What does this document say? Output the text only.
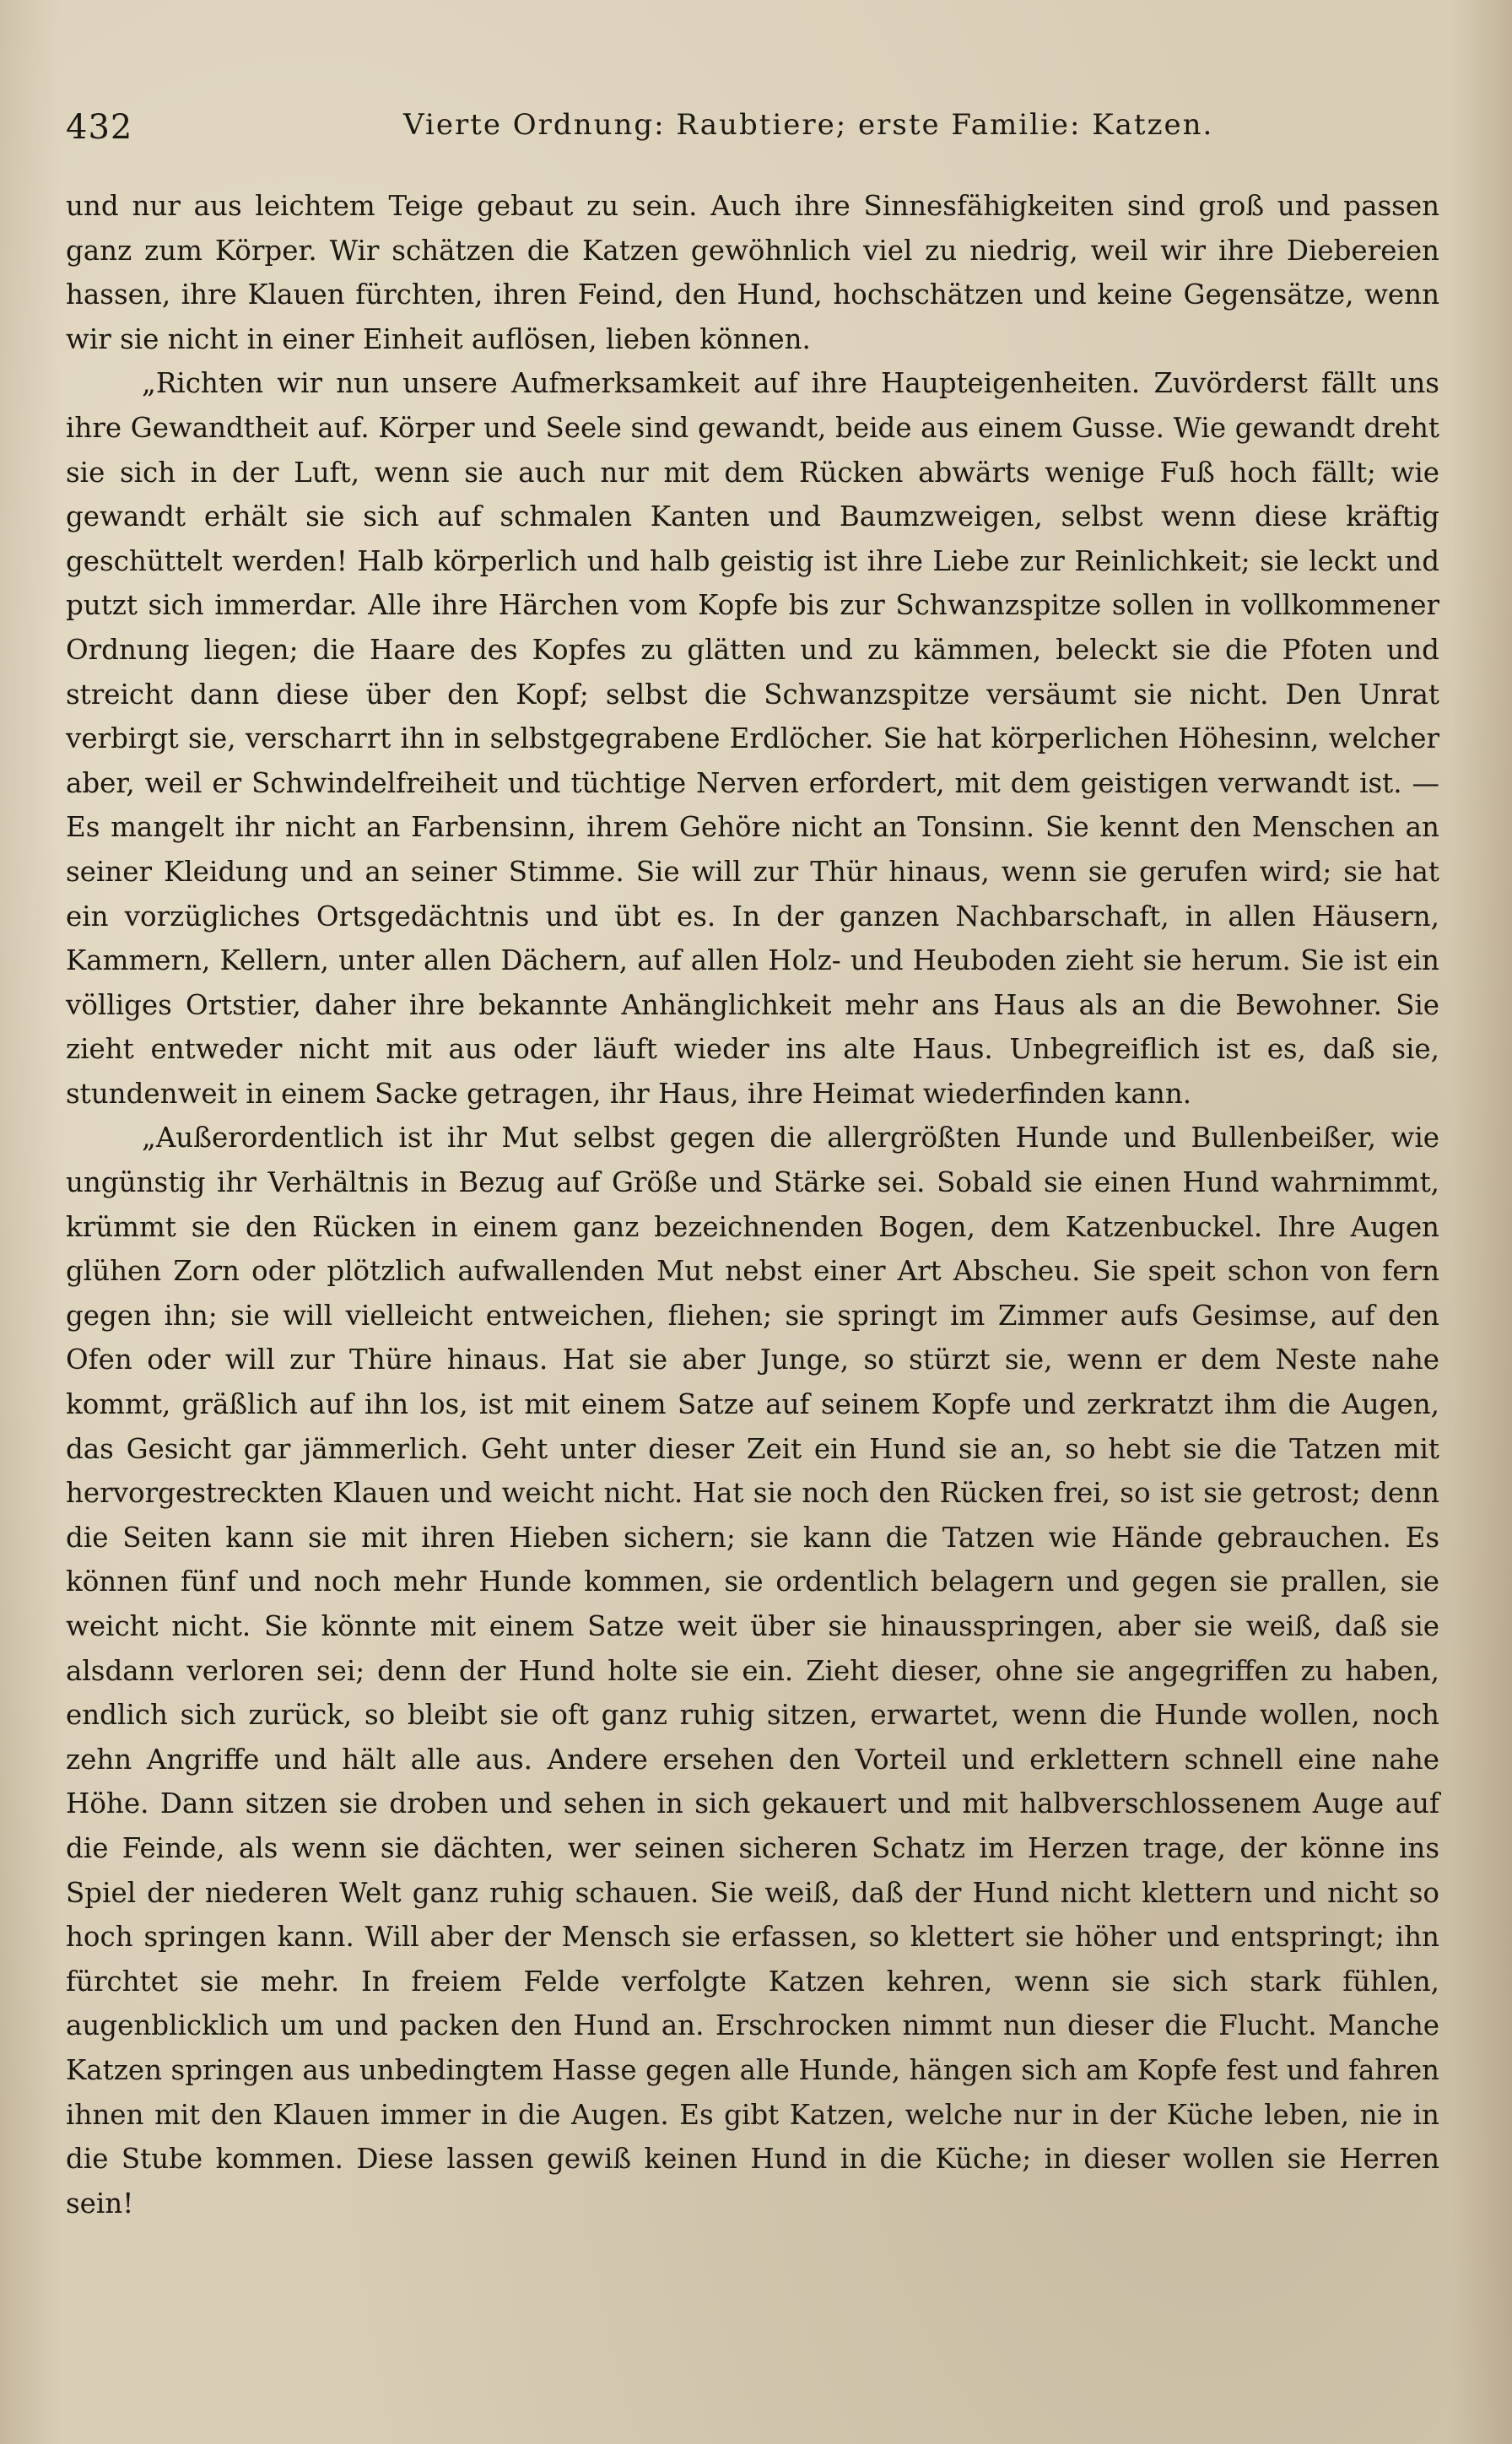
432	Vierte Ordnung: Raubtiere; erste Familie: Katzen.

und nur aus leichtem Teige gebaut zu sein. Auch ihre Sinnesfähigkeiten sind groß und passen ganz zum Körper. Wir schätzen die Katzen gewöhnlich viel zu niedrig, weil wir ihre Diebereien hassen, ihre Klauen fürchten, ihren Feind, den Hund, hochschätzen und keine Gegensätze, wenn wir sie nicht in einer Einheit auflösen, lieben können.

„Richten wir nun unsere Aufmerksamkeit auf ihre Haupteigenheiten. Zuvörderst fällt uns ihre Gewandtheit auf. Körper und Seele sind gewandt, beide aus einem Gusse. Wie gewandt dreht sie sich in der Luft, wenn sie auch nur mit dem Rücken abwärts wenige Fuß hoch fällt; wie gewandt erhält sie sich auf schmalen Kanten und Baumzweigen, selbst wenn diese kräftig geschüttelt werden! Halb körperlich und halb geistig ist ihre Liebe zur Reinlichkeit; sie leckt und putzt sich immerdar. Alle ihre Härchen vom Kopfe bis zur Schwanzspitze sollen in vollkommener Ordnung liegen; die Haare des Kopfes zu glätten und zu kämmen, beleckt sie die Pfoten und streicht dann diese über den Kopf; selbst die Schwanzspitze versäumt sie nicht. Den Unrat verbirgt sie, verscharrt ihn in selbstgegrabene Erdlöcher. Sie hat körperlichen Höhesinn, welcher aber, weil er Schwindelfreiheit und tüchtige Nerven erfordert, mit dem geistigen verwandt ist. — Es mangelt ihr nicht an Farbensinn, ihrem Gehöre nicht an Tonsinn. Sie kennt den Menschen an seiner Kleidung und an seiner Stimme. Sie will zur Thür hinaus, wenn sie gerufen wird; sie hat ein vorzügliches Ortsgedächtnis und übt es. In der ganzen Nachbarschaft, in allen Häusern, Kammern, Kellern, unter allen Dächern, auf allen Holz- und Heuboden zieht sie herum. Sie ist ein völliges Ortstier, daher ihre bekannte Anhänglichkeit mehr ans Haus als an die Bewohner. Sie zieht entweder nicht mit aus oder läuft wieder ins alte Haus. Unbegreiflich ist es, daß sie, stundenweit in einem Sacke getragen, ihr Haus, ihre Heimat wiederfinden kann.

„Außerordentlich ist ihr Mut selbst gegen die allergrößten Hunde und Bullenbeißer, wie ungünstig ihr Verhältnis in Bezug auf Größe und Stärke sei. Sobald sie einen Hund wahrnimmt, krümmt sie den Rücken in einem ganz bezeichnenden Bogen, dem Katzenbuckel. Ihre Augen glühen Zorn oder plötzlich aufwallenden Mut nebst einer Art Abscheu. Sie speit schon von fern gegen ihn; sie will vielleicht entweichen, fliehen; sie springt im Zimmer aufs Gesimse, auf den Ofen oder will zur Thüre hinaus. Hat sie aber Junge, so stürzt sie, wenn er dem Neste nahe kommt, gräßlich auf ihn los, ist mit einem Satze auf seinem Kopfe und zerkratzt ihm die Augen, das Gesicht gar jämmerlich. Geht unter dieser Zeit ein Hund sie an, so hebt sie die Tatzen mit hervorgestreckten Klauen und weicht nicht. Hat sie noch den Rücken frei, so ist sie getrost; denn die Seiten kann sie mit ihren Hieben sichern; sie kann die Tatzen wie Hände gebrauchen. Es können fünf und noch mehr Hunde kommen, sie ordentlich belagern und gegen sie prallen, sie weicht nicht. Sie könnte mit einem Satze weit über sie hinausspringen, aber sie weiß, daß sie alsdann verloren sei; denn der Hund holte sie ein. Zieht dieser, ohne sie angegriffen zu haben, endlich sich zurück, so bleibt sie oft ganz ruhig sitzen, erwartet, wenn die Hunde wollen, noch zehn Angriffe und hält alle aus. Andere ersehen den Vorteil und erklettern schnell eine nahe Höhe. Dann sitzen sie droben und sehen in sich gekauert und mit halbverschlossenem Auge auf die Feinde, als wenn sie dächten, wer seinen sicheren Schatz im Herzen trage, der könne ins Spiel der niederen Welt ganz ruhig schauen. Sie weiß, daß der Hund nicht klettern und nicht so hoch springen kann. Will aber der Mensch sie erfassen, so klettert sie höher und entspringt; ihn fürchtet sie mehr. In freiem Felde verfolgte Katzen kehren, wenn sie sich stark fühlen, augenblicklich um und packen den Hund an. Erschrocken nimmt nun dieser die Flucht. Manche Katzen springen aus unbedingtem Hasse gegen alle Hunde, hängen sich am Kopfe fest und fahren ihnen mit den Klauen immer in die Augen. Es gibt Katzen, welche nur in der Küche leben, nie in die Stube kommen. Diese lassen gewiß keinen Hund in die Küche; in dieser wollen sie Herren sein!
